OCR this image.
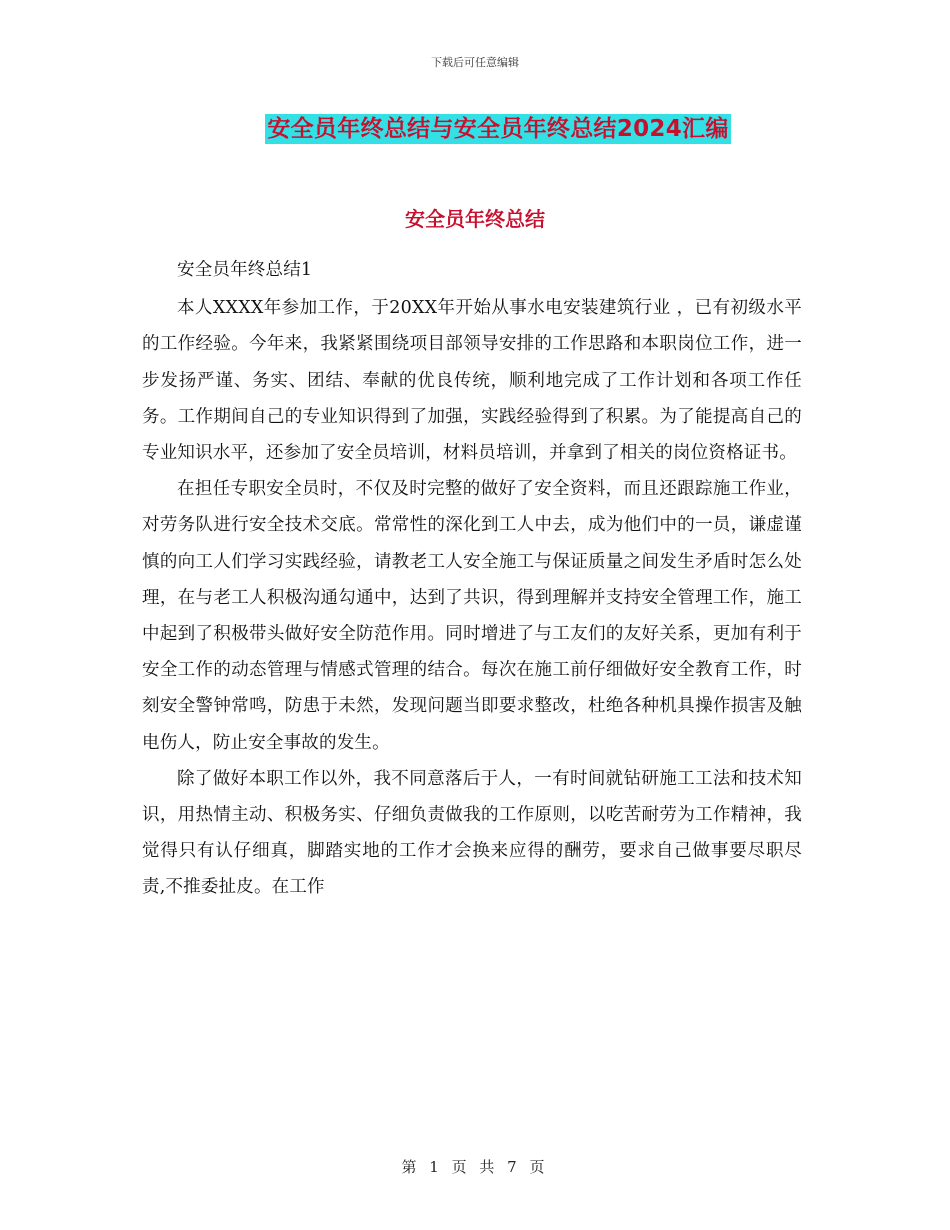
下载后可任意编辑
安全员年终总结与安全员年终总结2024汇编
安全员年终总结

安全员年终总结1

本人XXXX年参加工作，于20XX年开始从事水电安装建筑行业 ，已有初级水平的工作经验。今年来，我紧紧围绕项目部领导安排的工作思路和本职岗位工作，进一步发扬严谨、务实、团结、奉献的优良传统，顺利地完成了工作计划和各项工作任务。工作期间自己的专业知识得到了加强，实践经验得到了积累。为了能提高自己的专业知识水平，还参加了安全员培训，材料员培训，并拿到了相关的岗位资格证书。

在担任专职安全员时，不仅及时完整的做好了安全资料，而且还跟踪施工作业，对劳务队进行安全技术交底。常常性的深化到工人中去，成为他们中的一员，谦虚谨慎的向工人们学习实践经验，请教老工人安全施工与保证质量之间发生矛盾时怎么处理，在与老工人积极沟通勾通中，达到了共识，得到理解并支持安全管理工作，施工中起到了积极带头做好安全防范作用。同时增进了与工友们的友好关系，更加有利于安全工作的动态管理与情感式管理的结合。每次在施工前仔细做好安全教育工作，时刻安全警钟常鸣，防患于未然，发现问题当即要求整改，杜绝各种机具操作损害及触电伤人，防止安全事故的发生。

除了做好本职工作以外，我不同意落后于人，一有时间就钻研施工工法和技术知识，用热情主动、积极务实、仔细负责做我的工作原则，以吃苦耐劳为工作精神，我觉得只有认仔细真，脚踏实地的工作才会换来应得的酬劳，要求自己做事要尽职尽责,不推委扯皮。在工作

第 1 页 共 7 页
